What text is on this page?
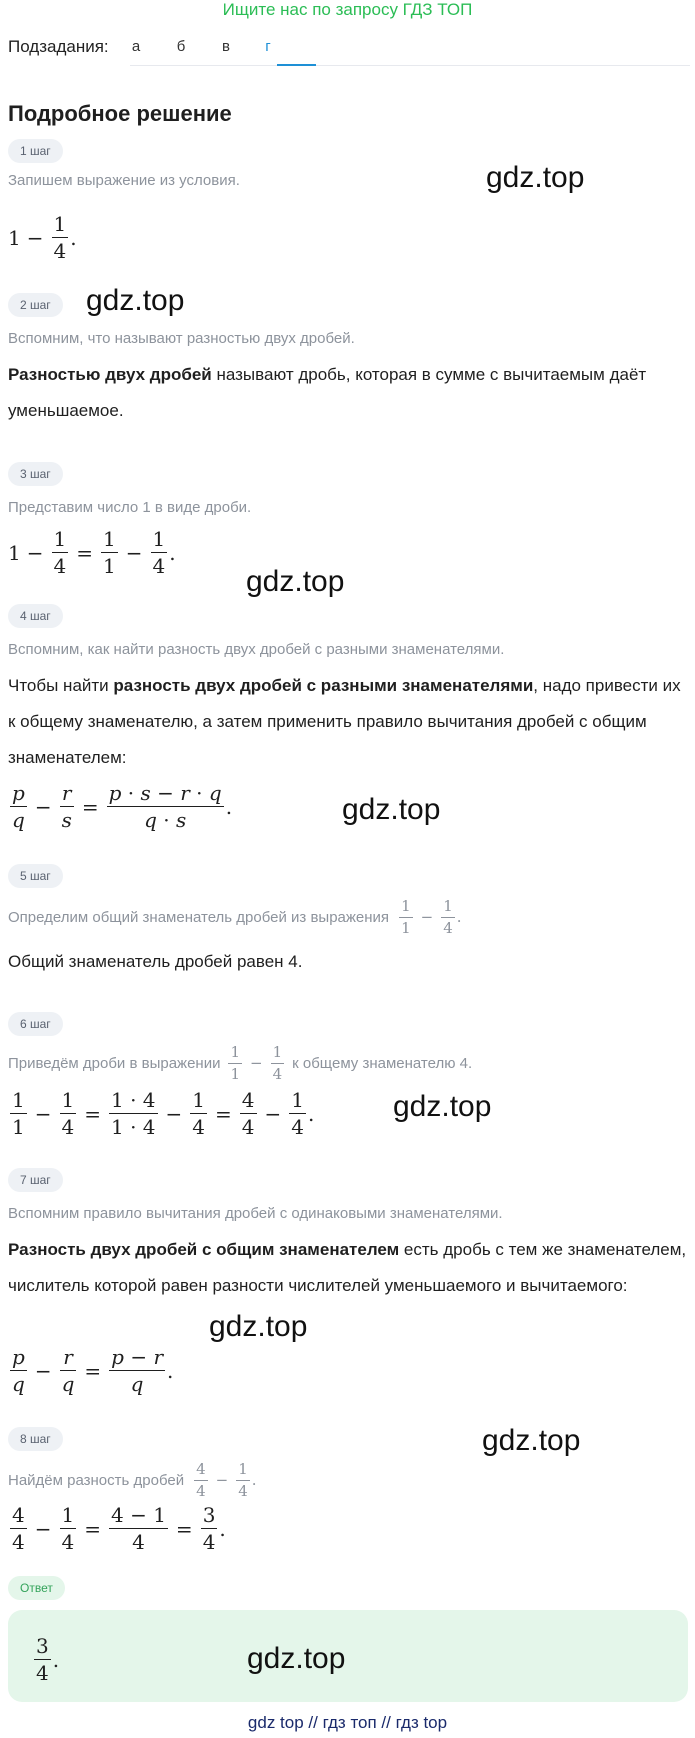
Ищите нас по запросу ГДЗ ТОП
Подзадания:	а	б	в	г
Подробное решение
1 шаг
Запишем выражение из условия.	gdz.top
$1 - \frac{1}{4}$ .
2 шаг	gdz.top
Вспомним, что называют разностью двух дробей.
Разностью двух дробей называют дробь, которая в сумме с вычитаемым даёт уменьшаемое.
3 шаг
Представим число 1 в виде дроби.
$1 - \frac{1}{4} = \frac{1}{1} - \frac{1}{4}$ .
gdz.top
4 шаг
Вспомним, как найти разность двух дробей с разными знаменателями.
Чтобы найти разность двух дробей с разными знаменателями, надо привести их к общему знаменателю, а затем применить правило вычитания дробей с общим знаменателем:
$\frac{p}{q} - \frac{r}{s} = \frac{p \cdot s - r \cdot q}{q \cdot s}$ .	gdz.top
5 шаг
Определим общий знаменатель дробей из выражения $\frac{1}{1} - \frac{1}{4}$ .
Общий знаменатель дробей равен 4.
6 шаг
Приведём дроби в выражении $\frac{1}{1} - \frac{1}{4}$ к общему знаменателю 4.
$\frac{1}{1} - \frac{1}{4} = \frac{1 \cdot 4}{1 \cdot 4} - \frac{1}{4} = \frac{4}{4} - \frac{1}{4}$ .	gdz.top
7 шаг
Вспомним правило вычитания дробей с одинаковыми знаменателями.
Разность двух дробей с общим знаменателем есть дробь с тем же знаменателем, числитель которой равен разности числителей уменьшаемого и вычитаемого:
gdz.top
$\frac{p}{q} - \frac{r}{q} = \frac{p - r}{q}$ .
8 шаг	gdz.top
Найдём разность дробей $\frac{4}{4} - \frac{1}{4}$ .
$\frac{4}{4} - \frac{1}{4} = \frac{4 - 1}{4} = \frac{3}{4}$ .
Ответ
$\frac{3}{4}$ .	gdz.top
gdz top // гдз топ // гдз top
